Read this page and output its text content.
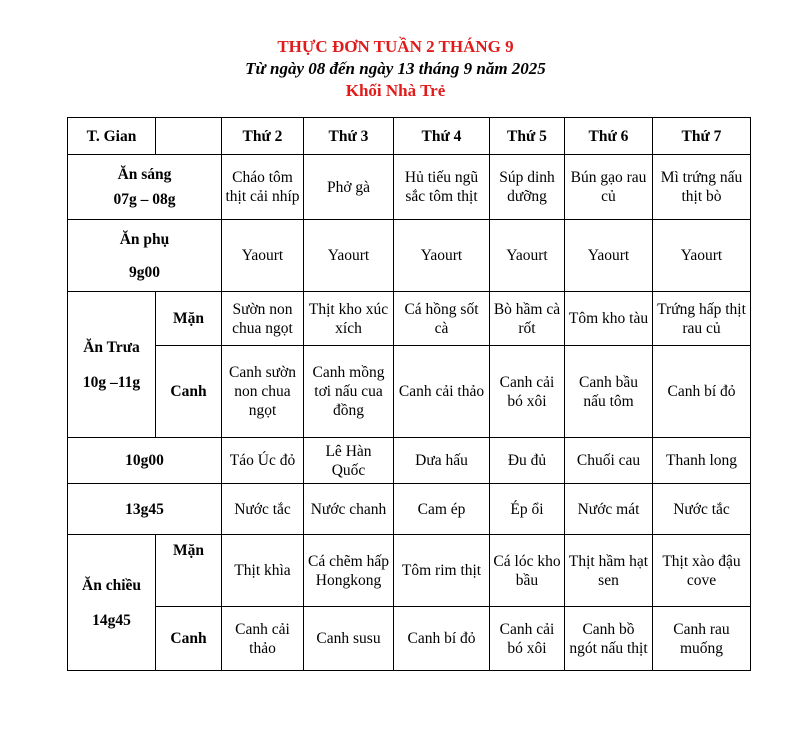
THỰC ĐƠN TUẦN 2 THÁNG 9
Từ ngày 08 đến ngày 13 tháng 9 năm 2025
Khối Nhà Trẻ
T. Gian		Thứ 2	Thứ 3	Thứ 4	Thứ 5	Thứ 6	Thứ 7

Ăn sáng
07g – 08g		Cháo tôm thịt cải nhíp	Phở gà	Hủ tiếu ngũ sắc tôm thịt	Súp dinh dưỡng	Bún gạo rau củ	Mì trứng nấu thịt bò

Ăn phụ
9g00		Yaourt	Yaourt	Yaourt	Yaourt	Yaourt	Yaourt

Ăn Trưa
10g –11g	Mặn	Sườn non chua ngọt	Thịt kho xúc xích	Cá hồng sốt cà	Bò hầm cà rốt	Tôm kho tàu	Trứng hấp thịt rau củ
	Canh	Canh sườn non chua ngọt	Canh mồng tơi nấu cua đồng	Canh cải thảo	Canh cải bó xôi	Canh bầu nấu tôm	Canh bí đỏ
10g00		Táo Úc đỏ	Lê Hàn Quốc	Dưa hấu	Đu đủ	Chuối cau	Thanh long
13g45		Nước tắc	Nước chanh	Cam ép	Ép ổi	Nước mát	Nước tắc

Ăn chiều
14g45	Mặn	Thịt khìa	Cá chẽm hấp Hongkong	Tôm rim thịt	Cá lóc kho bầu	Thịt hầm hạt sen	Thịt xào đậu cove
	Canh	Canh cải thảo	Canh susu	Canh bí đỏ	Canh cải bó xôi	Canh bồ ngót nấu thịt	Canh rau muống
